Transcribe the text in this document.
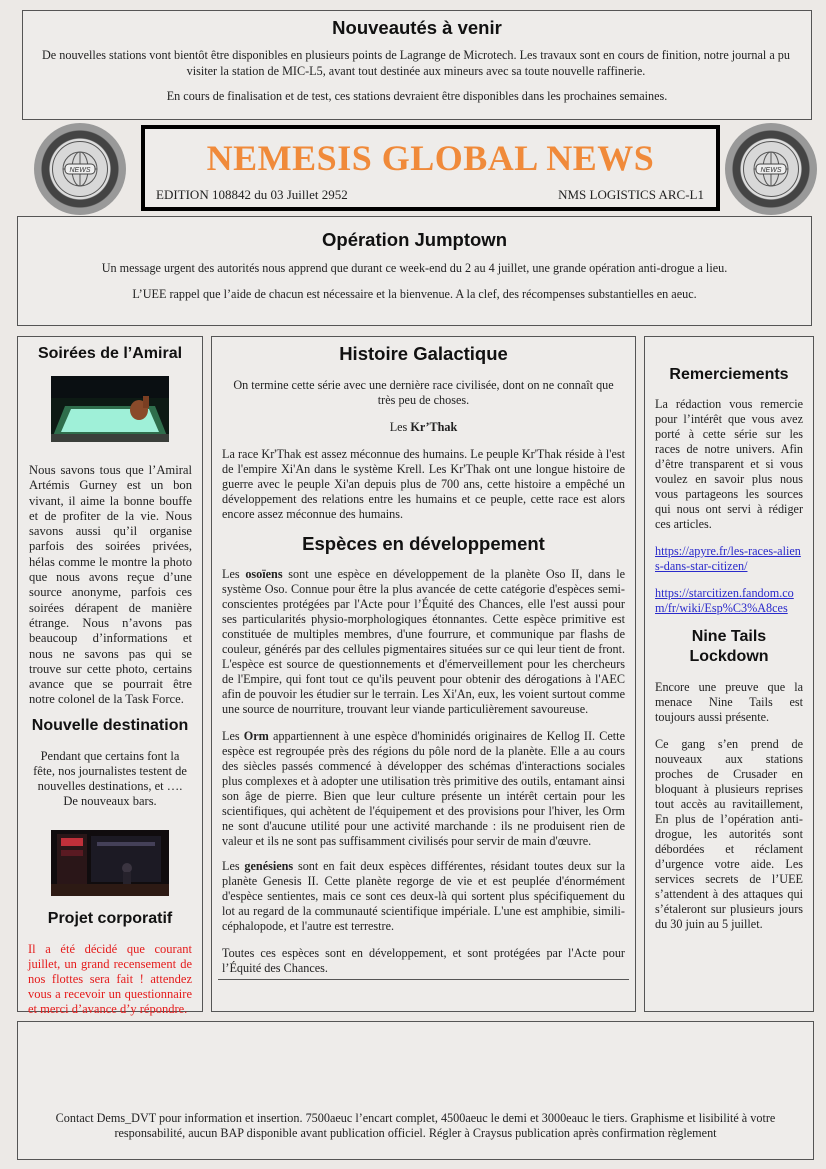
Nouveautés à venir

De nouvelles stations vont bientôt être disponibles en plusieurs points de Lagrange de Microtech. Les travaux sont en cours de finition, notre journal a pu visiter la station de MIC-L5, avant tout destinée aux mineurs avec sa toute nouvelle raffinerie.

En cours de finalisation et de test, ces stations devraient être disponibles dans les prochaines semaines.

NEWS	NEWS
NEMESIS GLOBAL NEWS
EDITION 108842 du 03 Juillet 2952	NMS LOGISTICS ARC-L1
Opération Jumptown

Un message urgent des autorités nous apprend que durant ce week-end du 2 au 4 juillet, une grande opération anti-drogue a lieu.

L’UEE rappel que l’aide de chacun est nécessaire et la bienvenue. A la clef, des récompenses substantielles en aeuc.

Soirées de l’Amiral

Nous savons tous que l’Amiral Artémis Gurney est un bon vivant, il aime la bonne bouffe et de profiter de la vie. Nous savons aussi qu’il organise parfois des soirées privées, hélas comme le montre la photo que nous avons reçue d’une source anonyme, parfois ces soirées dérapent de manière étrange. Nous n’avons pas beaucoup d’informations et nous ne savons pas qui se trouve sur cette photo, certains avance que se pourrait être notre colonel de la Task Force.

Nouvelle destination

Pendant que certains font la fête, nos journalistes testent de nouvelles destinations, et …. De nouveaux bars.

Projet corporatif

Il a été décidé que courant juillet, un grand recensement de nos flottes sera fait ! attendez vous a recevoir un questionnaire et merci d’avance d’y répondre.

Histoire Galactique

On termine cette série avec une dernière race civilisée, dont on ne connaît que très peu de choses.

Les Kr’Thak

La race Kr'Thak est assez méconnue des humains. Le peuple Kr'Thak réside à l'est de l'empire Xi'An dans le système Krell. Les Kr'Thak ont une longue histoire de guerre avec le peuple Xi'an depuis plus de 700 ans, cette histoire a empêché un développement des relations entre les humains et ce peuple, cette race est alors encore assez méconnue des humains.

Espèces en développement

Les osoïens sont une espèce en développement de la planète Oso II, dans le système Oso. Connue pour être la plus avancée de cette catégorie d'espèces semi-conscientes protégées par l'Acte pour l’Équité des Chances, elle l'est aussi pour ses particularités physio-morphologiques étonnantes. Cette espèce primitive est constituée de multiples membres, d'une fourrure, et communique par flashs de couleur, générés par des cellules pigmentaires situées sur ce qui leur tient de front. L'espèce est source de questionnements et d'émerveillement pour les chercheurs de l'Empire, qui font tout ce qu'ils peuvent pour obtenir des dérogations à l'AEC afin de pouvoir les étudier sur le terrain. Les Xi'An, eux, les voient surtout comme une source de nourriture, trouvant leur viande particulièrement savoureuse.

Les Orm appartiennent à une espèce d'hominidés originaires de Kellog II. Cette espèce est regroupée près des régions du pôle nord de la planète. Elle a au cours des siècles passés commencé à développer des schémas d'interactions sociales plus complexes et à adopter une utilisation très primitive des outils, entamant ainsi son âge de pierre. Bien que leur culture présente un intérêt certain pour les scientifiques, qui achètent de l'équipement et des provisions pour l'hiver, les Orm ne sont d'aucune utilité pour une activité marchande : ils ne produisent rien de valeur et ils ne sont pas suffisamment civilisés pour servir de main d'œuvre.

Les genésiens sont en fait deux espèces différentes, résidant toutes deux sur la planète Genesis II. Cette planète regorge de vie et est peuplée d'énormément d'espèce sentientes, mais ce sont ces deux-là qui sortent plus spécifiquement du lot au regard de la communauté scientifique impériale. L'une est amphibie, simili-céphalopode, et l'autre est terrestre.

Toutes ces espèces sont en développement, et sont protégées par l'Acte pour l’Équité des Chances.

Remerciements

La rédaction vous remercie pour l’intérêt que vous avez porté à cette série sur les races de notre univers. Afin d’être transparent et si vous voulez en savoir plus nous vous partageons les sources qui nous ont servi à rédiger ces articles.

https://apyre.fr/les-races-aliens-dans-star-citizen/

https://starcitizen.fandom.com/fr/wiki/Esp%C3%A8ces

Nine Tails Lockdown

Encore une preuve que la menace Nine Tails est toujours aussi présente.

Ce gang s’en prend de nouveaux aux stations proches de Crusader en bloquant à plusieurs reprises tout accès au ravitaillement, En plus de l’opération anti-drogue, les autorités sont débordées et réclament d’urgence votre aide. Les services secrets de l’UEE s’attendent à des attaques qui s’étaleront sur plusieurs jours du 30 juin au 5 juillet.

Contact Dems_DVT pour information et insertion. 7500aeuc l’encart complet, 4500aeuc le demi et 3000eauc le tiers. Graphisme et lisibilité à votre responsabilité, aucun BAP disponible avant publication officiel. Régler à Craysus publication après confirmation règlement
